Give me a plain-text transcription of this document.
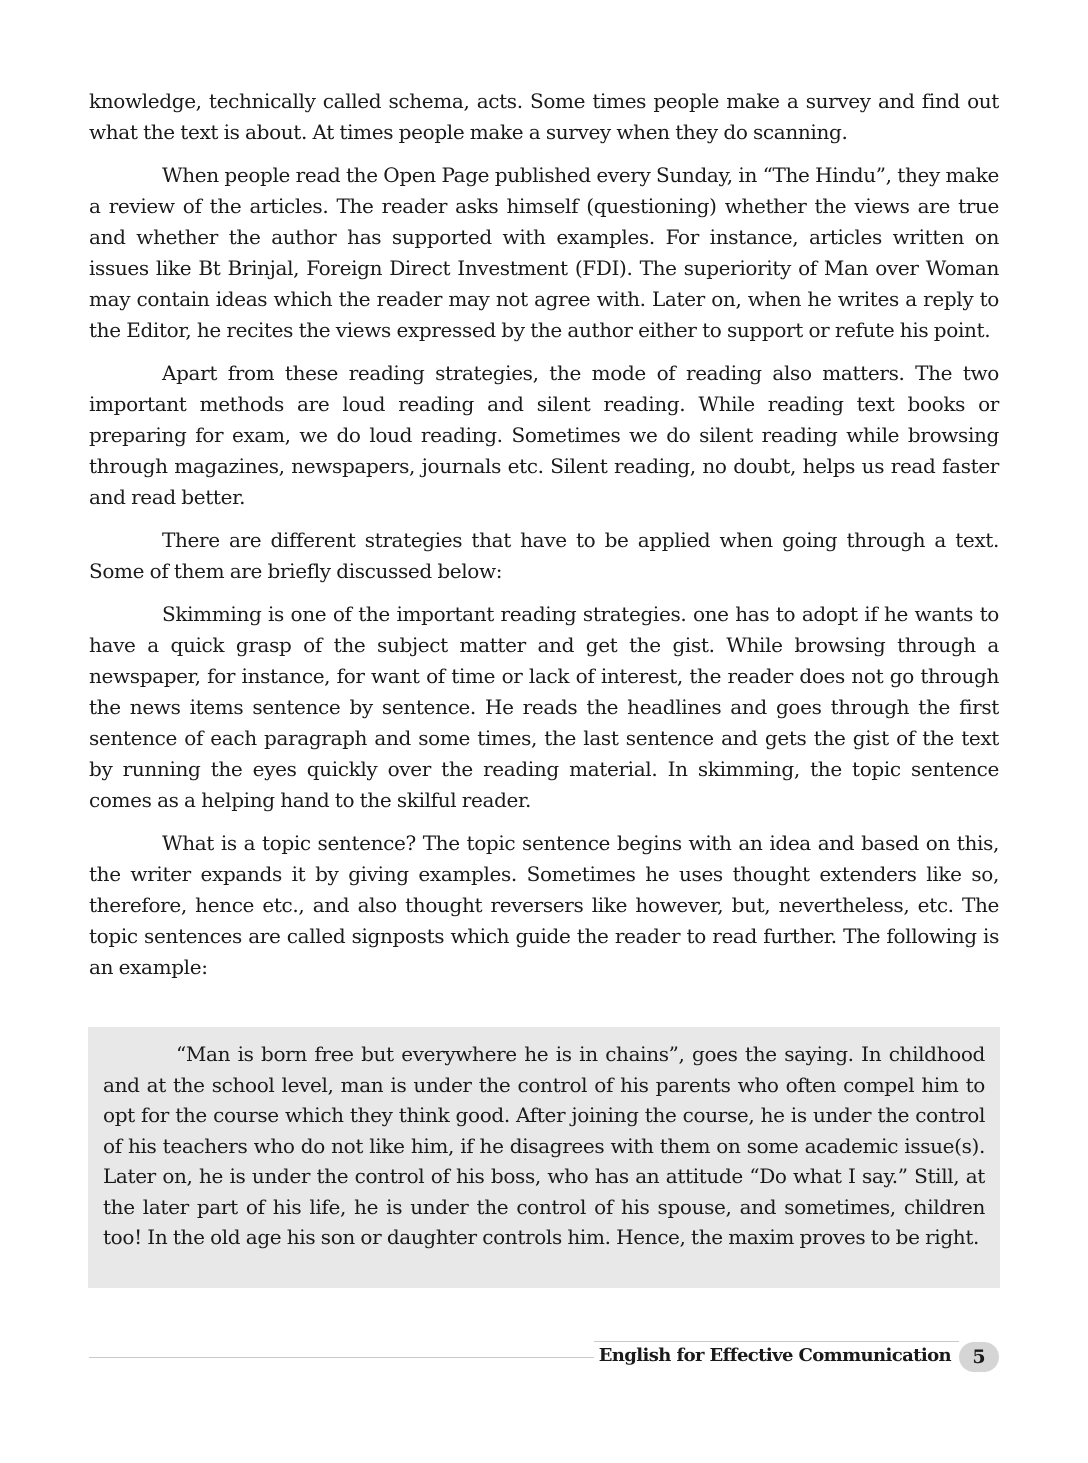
knowledge, technically called schema, acts. Some times people make a survey and find out what the text is about. At times people make a survey when they do scanning.

When people read the Open Page published every Sunday, in “The Hindu”, they make a review of the articles. The reader asks himself (questioning) whether the views are true and whether the author has supported with examples. For instance, articles written on issues like Bt Brinjal, Foreign Direct Investment (FDI). The superiority of Man over Woman may contain ideas which the reader may not agree with. Later on, when he writes a reply to the Editor, he recites the views expressed by the author either to support or refute his point.

Apart from these reading strategies, the mode of reading also matters. The two important methods are loud reading and silent reading. While reading text books or preparing for exam, we do loud reading. Sometimes we do silent reading while browsing through magazines, newspapers, journals etc. Silent reading, no doubt, helps us read faster and read better.

There are different strategies that have to be applied when going through a text. Some of them are briefly discussed below:

Skimming is one of the important reading strategies. one has to adopt if he wants to have a quick grasp of the subject matter and get the gist. While browsing through a newspaper, for instance, for want of time or lack of interest, the reader does not go through the news items sentence by sentence. He reads the headlines and goes through the first sentence of each paragraph and some times, the last sentence and gets the gist of the text by running the eyes quickly over the reading material. In skimming, the topic sentence comes as a helping hand to the skilful reader.

What is a topic sentence? The topic sentence begins with an idea and based on this, the writer expands it by giving examples. Sometimes he uses thought extenders like so, therefore, hence etc., and also thought reversers like however, but, nevertheless, etc. The topic sentences are called signposts which guide the reader to read further. The following is an example:

“Man is born free but everywhere he is in chains”, goes the saying. In childhood and at the school level, man is under the control of his parents who often compel him to opt for the course which they think good. After joining the course, he is under the control of his teachers who do not like him, if he disagrees with them on some academic issue(s). Later on, he is under the control of his boss, who has an attitude “Do what I say.” Still, at the later part of his life, he is under the control of his spouse, and sometimes, children too! In the old age his son or daughter controls him. Hence, the maxim proves to be right.

English for Effective Communication	5
